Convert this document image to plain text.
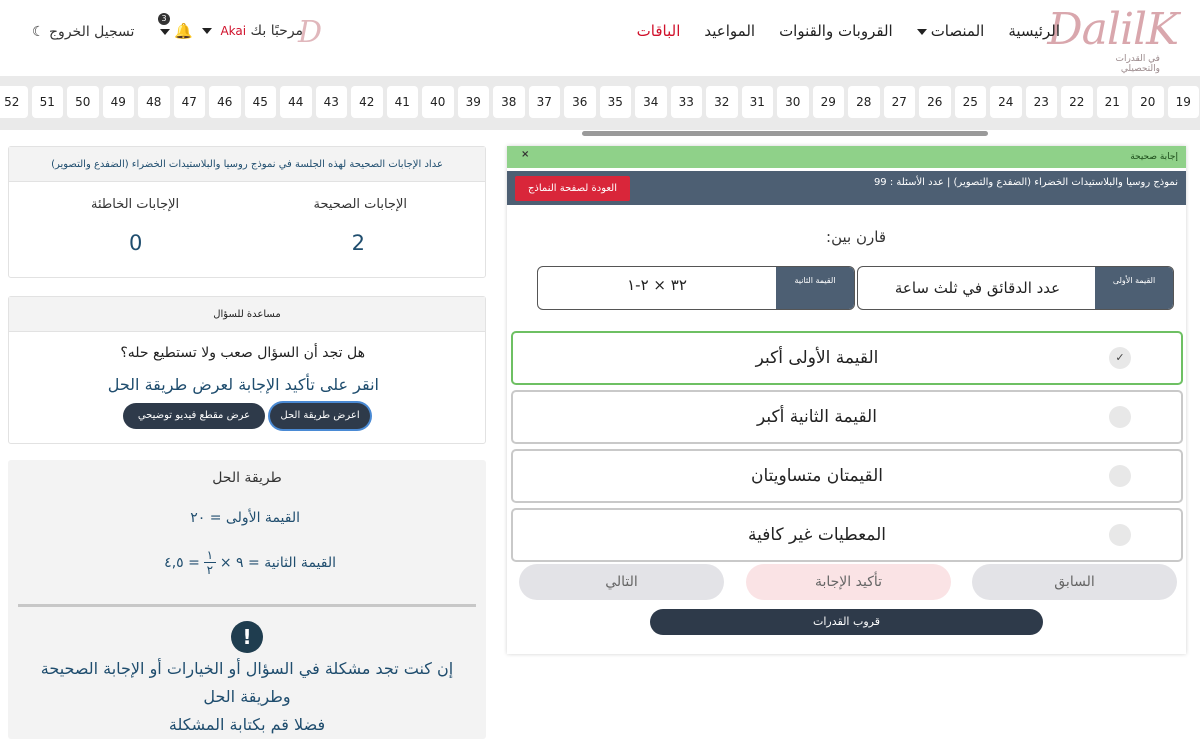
DalilK
في القدرات والتحصيلي
الرئيسية
المنصات
القروبات والقنوات
المواعيد
الباقات
D
مرحبًا بك Akai
3
🔔
تسجيل الخروج ☾
19
20
21
22
23
24
25
26
27
28
29
30
31
32
33
34
35
36
37
38
39
40
41
42
43
44
45
46
47
48
49
50
51
52
إجابة صحيحة
×
نموذج روسيا والبلاستيدات الخضراء (الضفدع والتصوير) | عدد الأسئلة : 99
العودة لصفحة النماذج
قارن بين:
القيمة الأولى
عدد الدقائق في ثلث ساعة
القيمة الثانية
٣٢ × ٢-١
✓
القيمة الأولى أكبر
القيمة الثانية أكبر
القيمتان متساويتان
المعطيات غير كافية
السابق
تأكيد الإجابة
التالي
قروب القدرات
عداد الإجابات الصحيحة لهذه الجلسة في نموذج روسيا والبلاستيدات الخضراء (الضفدع والتصوير)
الإجابات الصحيحة
2
الإجابات الخاطئة
0
مساعدة للسؤال
هل تجد أن السؤال صعب ولا تستطيع حله؟
انقر على تأكيد الإجابة لعرض طريقة الحل
اعرض طريقة الحل
عرض مقطع فيديو توضيحي
طريقة الحل
القيمة الأولى = ٢٠
القيمة الثانية = ٩ ×
$\frac{١}{٢}$
= ٤,٥
!
إن كنت تجد مشكلة في السؤال أو الخيارات أو الإجابة الصحيحة وطريقة الحل
فضلا قم بكتابة المشكلة
